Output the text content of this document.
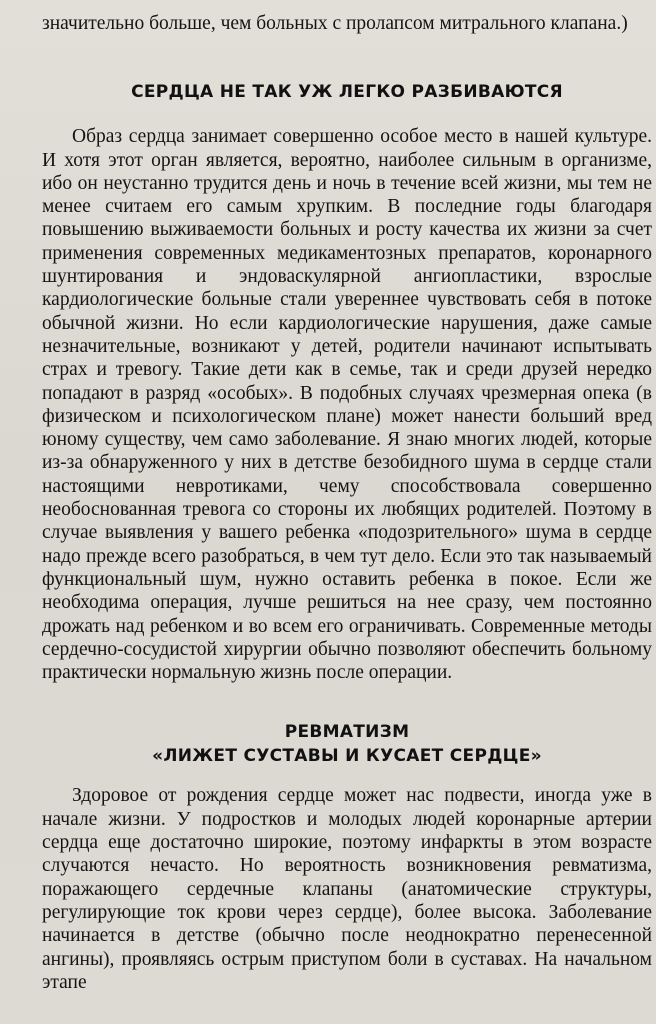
значительно больше, чем больных с пролапсом митрального клапана.)

СЕРДЦА НЕ ТАК УЖ ЛЕГКО РАЗБИВАЮТСЯ

Образ сердца занимает совершенно особое место в нашей культуре. И хотя этот орган является, вероятно, наиболее сильным в организме, ибо он неустанно трудится день и ночь в течение всей жизни, мы тем не менее считаем его самым хрупким. В последние годы благодаря повышению выживаемости больных и росту качества их жизни за счет применения современных медикаментозных препаратов, коронарного шунтирования и эндоваскулярной ангиопластики, взрослые кардиологические больные стали увереннее чувствовать себя в потоке обычной жизни. Но если кардиологические нарушения, даже самые незначительные, возникают у детей, родители начинают испытывать страх и тревогу. Такие дети как в семье, так и среди друзей нередко попадают в разряд «особых». В подобных случаях чрезмерная опека (в физическом и психологическом плане) может нанести больший вред юному существу, чем само заболевание. Я знаю многих людей, которые из-за обнаруженного у них в детстве безобидного шума в сердце стали настоящими невротиками, чему способствовала совершенно необоснованная тревога со стороны их любящих родителей. Поэтому в случае выявления у вашего ребенка «подозрительного» шума в сердце надо прежде всего разобраться, в чем тут дело. Если это так называемый функциональный шум, нужно оставить ребенка в покое. Если же необходима операция, лучше решиться на нее сразу, чем постоянно дрожать над ребенком и во всем его ограничивать. Современные методы сердечно-сосудистой хирургии обычно позволяют обеспечить больному практически нормальную жизнь после операции.

РЕВМАТИЗМ
«ЛИЖЕТ СУСТАВЫ И КУСАЕТ СЕРДЦЕ»

Здоровое от рождения сердце может нас подвести, иногда уже в начале жизни. У подростков и молодых людей коронарные артерии сердца еще достаточно широкие, поэтому инфаркты в этом возрасте случаются нечасто. Но вероятность возникновения ревматизма, поражающего сердечные клапаны (анатомические структуры, регулирующие ток крови через сердце), более высока. Заболевание начинается в детстве (обычно после неоднократно перенесенной ангины), проявляясь острым приступом боли в суставах. На начальном этапе
